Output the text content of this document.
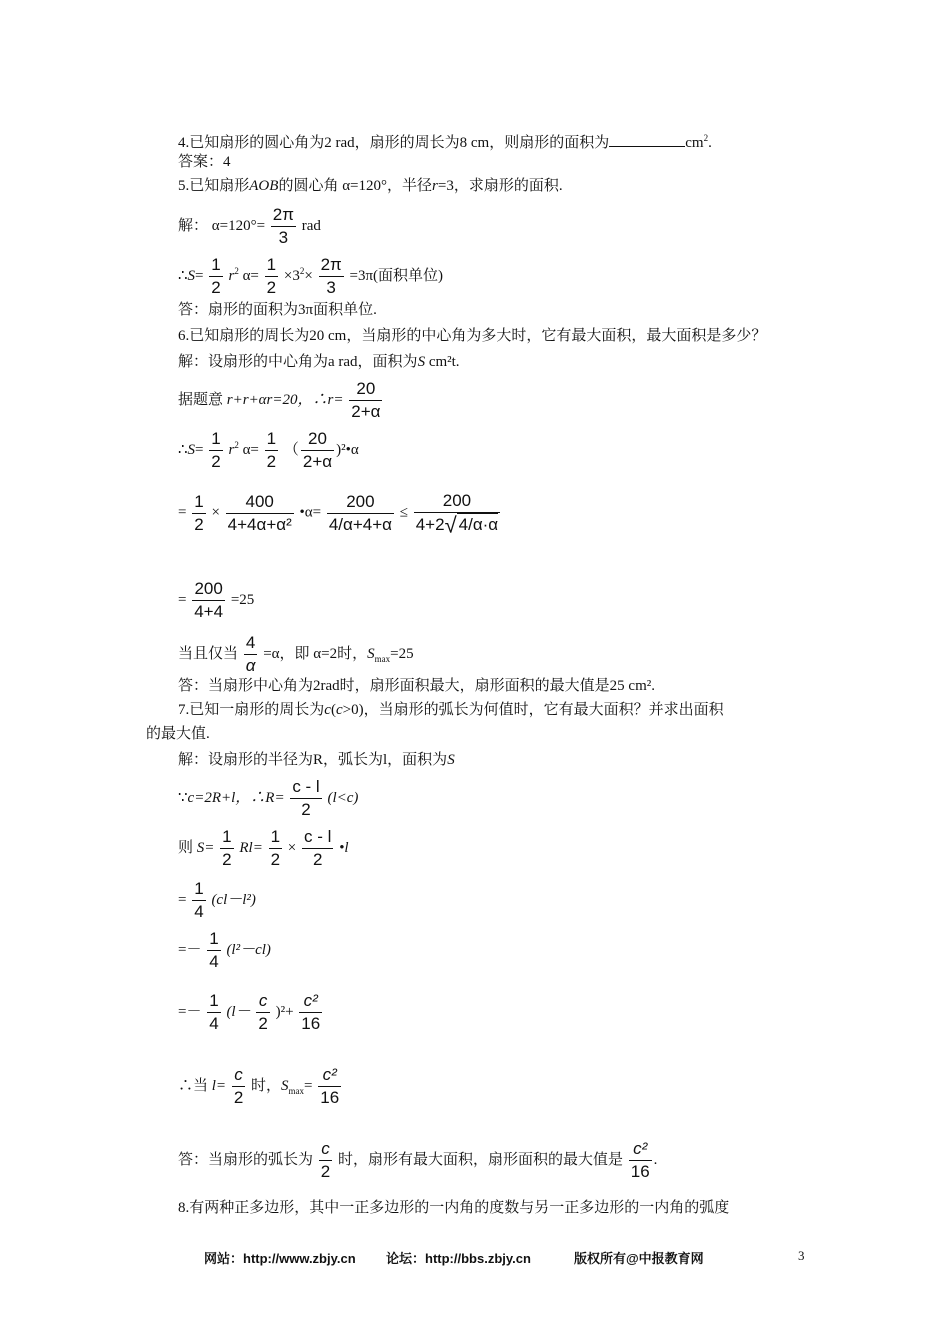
4.已知扇形的圆心角为2 rad，扇形的周长为8 cm，则扇形的面积为	$cm^2$.
答案：4
5.已知扇形AOB的圆心角 α=120°，半径r=3，求扇形的面积.
解： $\alpha=120^\circ= \frac{2\pi}{3}$ rad
∴S= $\frac{1}{2} r^2$ $\alpha= \frac{1}{2} \times 3^2\times \frac{2\pi}{3} =3\pi$(面积单位)
答：扇形的面积为3π面积单位.
6.已知扇形的周长为20 cm，当扇形的中心角为多大时，它有最大面积，最大面积是多少？
解：设扇形的中心角为a rad，面积为S cm²t.
据题意 r+r+αr=20，∴r= $\frac{20}{2+\alpha}$
∴S= $\frac{1}{2} r^2$ $\alpha= \frac{1}{2}$ （ $\frac{20}{2+\alpha}$ )²•α
= $\frac{1}{2} \times \frac{400}{\text{4+4α+α²}}$ •α= $\frac{200}{4/\alpha+4+\alpha} \le \frac{200}{4+2√ 4/\alpha\cdot\alpha}$
= $\frac{200}{4+4} =25$
当且仅当 $\frac{4}{\alpha} =\alpha$，即 α=2时，$S_{max}=25$
答：当扇形中心角为2rad时，扇形面积最大，扇形面积的最大值是25 cm².
7.已知一扇形的周长为c(c>0)，当扇形的弧长为何值时，它有最大面积？并求出面积
的最大值.
解：设扇形的半径为R，弧长为l，面积为S
∵c=2R+l，∴R= $\frac{c - l}{2} (l<c)$
则 $S= \frac{1}{2} Rl= \frac{1}{2} \times \frac{c - l}{2}$ •l
= $\frac{1}{4} (cl-l^2)$
=－ $\frac{1}{4} (l^2-cl)$
=－ $\frac{1}{4} (l- \frac{c}{2} )^2+ \frac{\text{c²}}{16}$
∴当 $l= \frac{c}{2}$ 时，$S_{max}= \frac{\text{c²}}{16}$
答：当扇形的弧长为 $\frac{c}{2}$ 时，扇形有最大面积，扇形面积的最大值是 $\frac{\text{c²}}{16}$ .
8.有两种正多边形，其中一正多边形的一内角的度数与另一正多边形的一内角的弧度
网站：http://www.zbjy.cn 论坛：http://bbs.zbjy.cn	版权所有@中报教育网	3
